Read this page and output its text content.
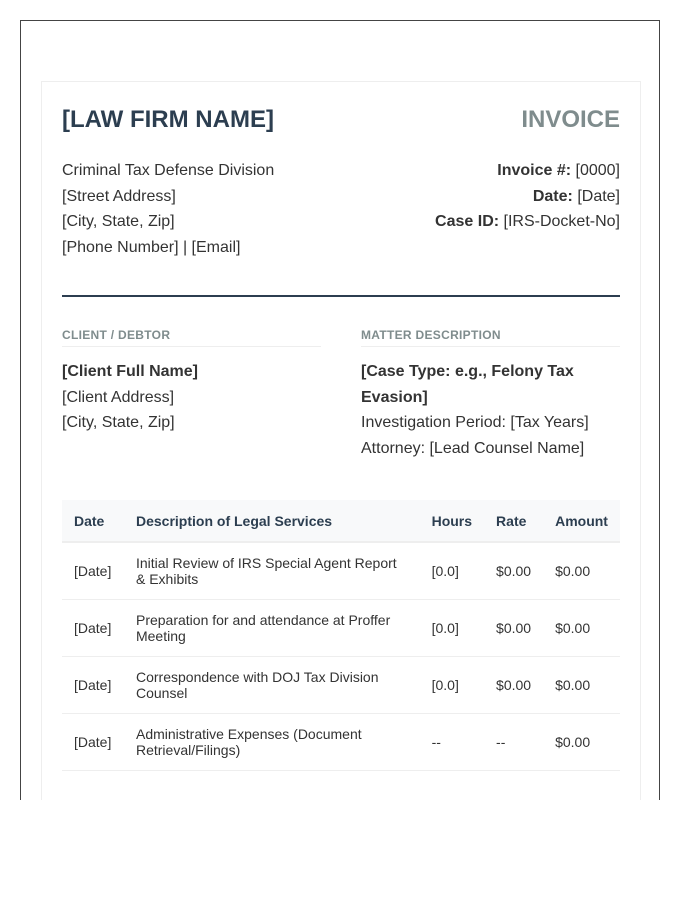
[LAW FIRM NAME]	INVOICE
Criminal Tax Defense Division
[Street Address]
[City, State, Zip]
[Phone Number] | [Email]
Invoice #: [0000]
Date: [Date]
Case ID: [IRS-Docket-No]
CLIENT / DEBTOR
[Client Full Name]
[Client Address]
[City, State, Zip]
MATTER DESCRIPTION
[Case Type: e.g., Felony Tax Evasion]
Investigation Period: [Tax Years]
Attorney: [Lead Counsel Name]
Date	Description of Legal Services	Hours	Rate	Amount
[Date]	Initial Review of IRS Special Agent Report & Exhibits	[0.0]	$0.00	$0.00
[Date]	Preparation for and attendance at Proffer Meeting	[0.0]	$0.00	$0.00
[Date]	Correspondence with DOJ Tax Division Counsel	[0.0]	$0.00	$0.00
[Date]	Administrative Expenses (Document Retrieval/Filings)	--	--	$0.00
